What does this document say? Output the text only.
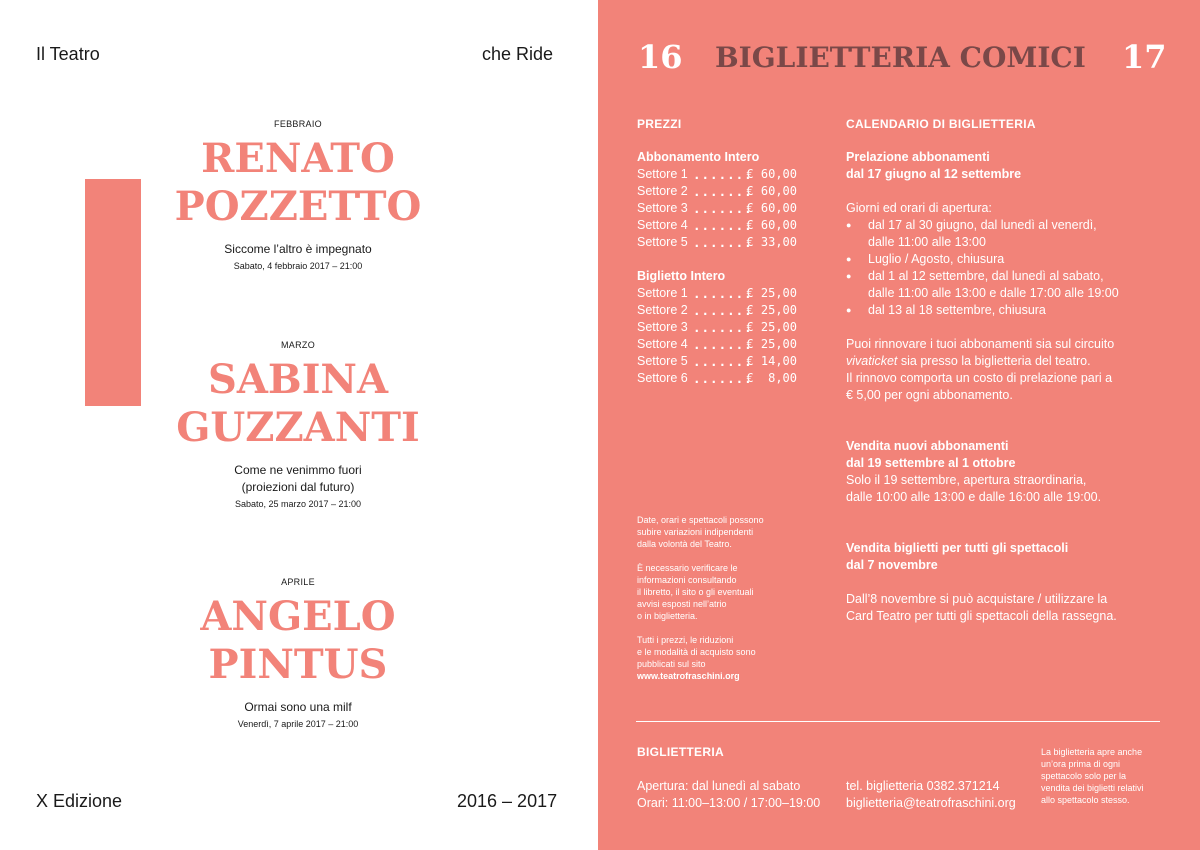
Il Teatro	che Ride
FEBBRAIO
RENATO
POZZETTO
Siccome l’altro è impegnato
Sabato, 4 febbraio 2017 – 21:00
MARZO
SABINA
GUZZANTI
Come ne venimmo fuori
(proiezioni dal futuro)
Sabato, 25 marzo 2017 – 21:00
APRILE
ANGELO
PINTUS
Ormai sono una milf
Venerdì, 7 aprile 2017 – 21:00
X Edizione	2016 – 2017
16 BIGLIETTERIA COMICI 17
PREZZI
Abbonamento Intero
Settore 1 .......
€ 60,00
Settore 2 .......
€ 60,00
Settore 3 .......
€ 60,00
Settore 4 .......
€ 60,00
Settore 5 .......
€ 33,00
Biglietto Intero
Settore 1 .......
€ 25,00
Settore 2 .......
€ 25,00
Settore 3 .......
€ 25,00
Settore 4 .......
€ 25,00
Settore 5 .......
€ 14,00
Settore 6 .......
€  8,00
Date, orari e spettacoli possono
subire variazioni indipendenti
dalla volontà del Teatro.
È necessario verificare le
informazioni consultando
il libretto, il sito o gli eventuali
avvisi esposti nell’atrio
o in biglietteria.
Tutti i prezzi, le riduzioni
e le modalità di acquisto sono
pubblicati sul sito
www.teatrofraschini.org
CALENDARIO DI BIGLIETTERIA
Prelazione abbonamenti
dal 17 giugno al 12 settembre
Giorni ed orari di apertura:
● dal 17 al 30 giugno, dal lunedì al venerdì,
dalle 11:00 alle 13:00
● Luglio / Agosto, chiusura
● dal 1 al 12 settembre, dal lunedì al sabato,
dalle 11:00 alle 13:00 e dalle 17:00 alle 19:00
● dal 13 al 18 settembre, chiusura
Puoi rinnovare i tuoi abbonamenti sia sul circuito
vivaticket sia presso la biglietteria del teatro.
Il rinnovo comporta un costo di prelazione pari a
€ 5,00 per ogni abbonamento.
Vendita nuovi abbonamenti
dal 19 settembre al 1 ottobre
Solo il 19 settembre, apertura straordinaria,
dalle 10:00 alle 13:00 e dalle 16:00 alle 19:00.
Vendita biglietti per tutti gli spettacoli
dal 7 novembre
Dall’8 novembre si può acquistare / utilizzare la
Card Teatro per tutti gli spettacoli della rassegna.
BIGLIETTERIA
Apertura: dal lunedì al sabato
Orari: 11:00–13:00 / 17:00–19:00
tel. biglietteria 0382.371214
biglietteria@teatrofraschini.org
La biglietteria apre anche
un’ora prima di ogni
spettacolo solo per la
vendita dei biglietti relativi
allo spettacolo stesso.
